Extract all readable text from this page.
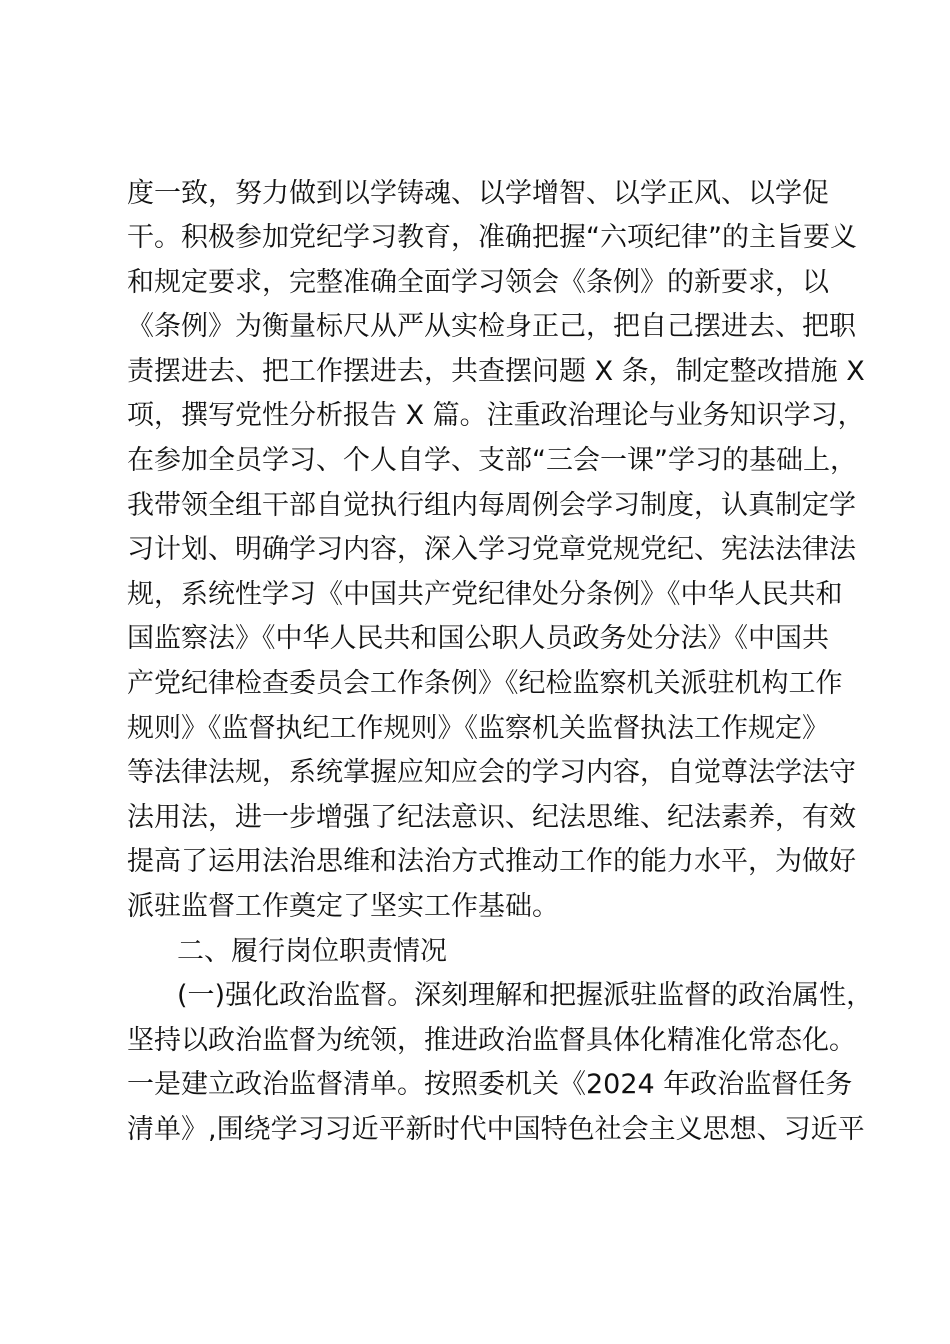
度一致，努力做到以学铸魂、以学增智、以学正风、以学促
干。积极参加党纪学习教育，准确把握“六项纪律”的主旨要义
和规定要求，完整准确全面学习领会《条例》的新要求，以
《条例》为衡量标尺从严从实检身正己，把自己摆进去、把职
责摆进去、把工作摆进去，共查摆问题 X 条，制定整改措施 X
项，撰写党性分析报告 X 篇。注重政治理论与业务知识学习，
在参加全员学习、个人自学、支部“三会一课”学习的基础上，
我带领全组干部自觉执行组内每周例会学习制度，认真制定学
习计划、明确学习内容，深入学习党章党规党纪、宪法法律法
规，系统性学习《中国共产党纪律处分条例》《中华人民共和
国监察法》《中华人民共和国公职人员政务处分法》《中国共
产党纪律检查委员会工作条例》《纪检监察机关派驻机构工作
规则》《监督执纪工作规则》《监察机关监督执法工作规定》
等法律法规，系统掌握应知应会的学习内容，自觉尊法学法守
法用法，进一步增强了纪法意识、纪法思维、纪法素养，有效
提高了运用法治思维和法治方式推动工作的能力水平，为做好
派驻监督工作奠定了坚实工作基础。
二、履行岗位职责情况
(一)强化政治监督。深刻理解和把握派驻监督的政治属性，
坚持以政治监督为统领，推进政治监督具体化精准化常态化。
一是建立政治监督清单。按照委机关《2024 年政治监督任务
清单》,围绕学习习近平新时代中国特色社会主义思想、习近平
